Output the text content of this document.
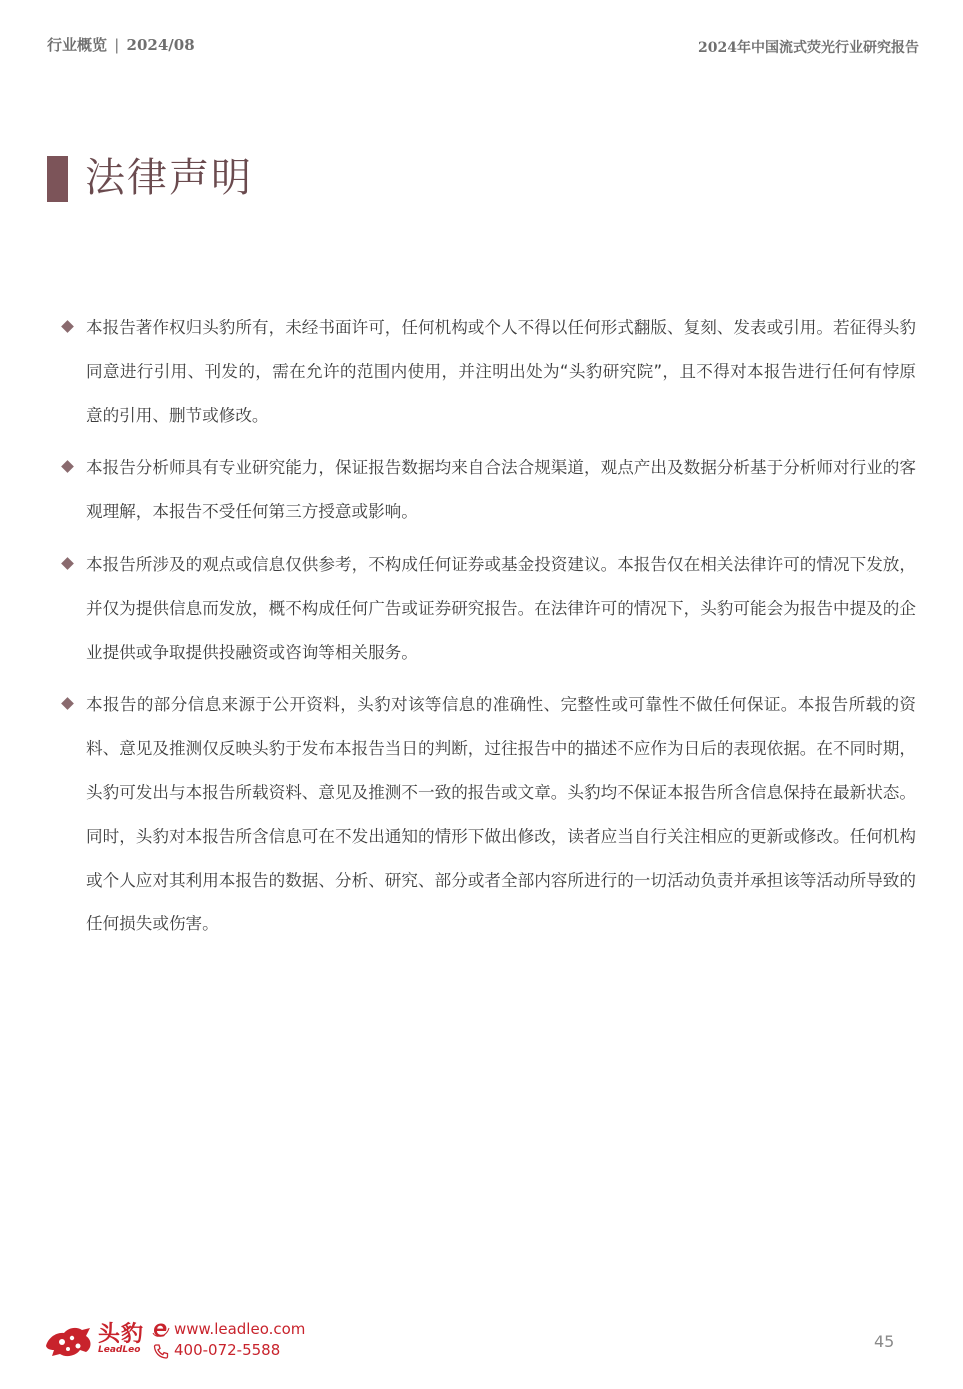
行业概览 | 2024/08	2024年中国流式荧光行业研究报告
法律声明
本报告著作权归头豹所有，未经书面许可，任何机构或个人不得以任何形式翻版、复刻、发表或引用。若征得头豹同意进行引用、刊发的，需在允许的范围内使用，并注明出处为“头豹研究院”，且不得对本报告进行任何有悖原意的引用、删节或修改。
本报告分析师具有专业研究能力，保证报告数据均来自合法合规渠道，观点产出及数据分析基于分析师对行业的客观理解，本报告不受任何第三方授意或影响。
本报告所涉及的观点或信息仅供参考，不构成任何证券或基金投资建议。本报告仅在相关法律许可的情况下发放，并仅为提供信息而发放，概不构成任何广告或证券研究报告。在法律许可的情况下，头豹可能会为报告中提及的企业提供或争取提供投融资或咨询等相关服务。
本报告的部分信息来源于公开资料，头豹对该等信息的准确性、完整性或可靠性不做任何保证。本报告所载的资料、意见及推测仅反映头豹于发布本报告当日的判断，过往报告中的描述不应作为日后的表现依据。在不同时期，头豹可发出与本报告所载资料、意见及推测不一致的报告或文章。头豹均不保证本报告所含信息保持在最新状态。同时，头豹对本报告所含信息可在不发出通知的情形下做出修改，读者应当自行关注相应的更新或修改。任何机构或个人应对其利用本报告的数据、分析、研究、部分或者全部内容所进行的一切活动负责并承担该等活动所导致的任何损失或伤害。
头豹
LeadLeo
www.leadleo.com
400-072-5588	45
